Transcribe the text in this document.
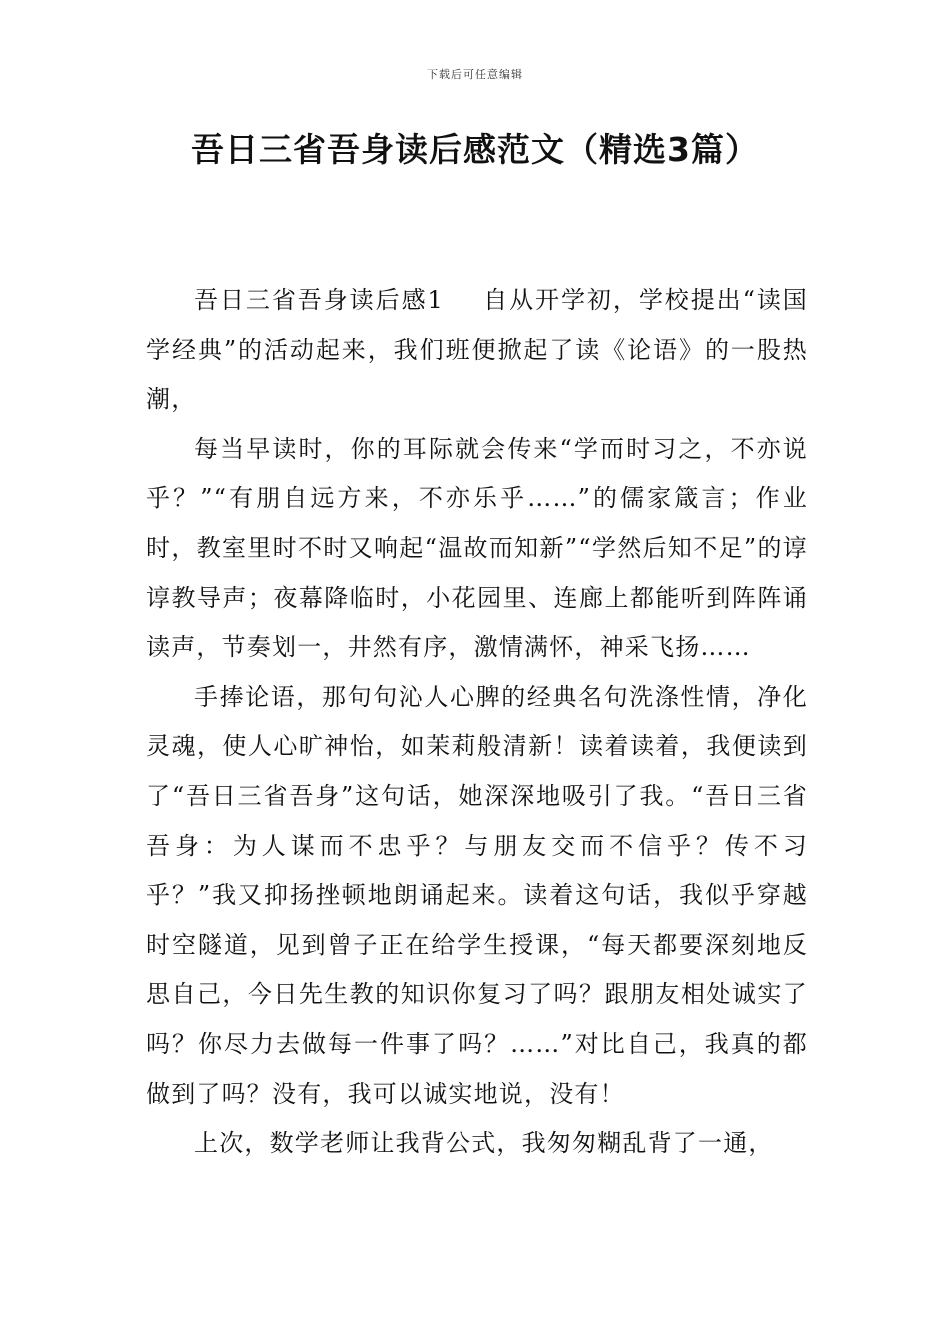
下载后可任意编辑
吾日三省吾身读后感范文（精选3篇）

吾日三省吾身读后感1 自从开学初，学校提出“读国学经典”的活动起来，我们班便掀起了读《论语》的一股热潮，

每当早读时，你的耳际就会传来“学而时习之，不亦说乎？”“有朋自远方来，不亦乐乎……”的儒家箴言；作业时，教室里时不时又响起“温故而知新”“学然后知不足”的谆谆教导声；夜幕降临时，小花园里、连廊上都能听到阵阵诵读声，节奏划一，井然有序，激情满怀，神采飞扬……

手捧论语，那句句沁人心脾的经典名句洗涤性情，净化灵魂，使人心旷神怡，如茉莉般清新！读着读着，我便读到了“吾日三省吾身”这句话，她深深地吸引了我。“吾日三省吾身：为人谋而不忠乎？与朋友交而不信乎？传不习乎？”我又抑扬挫顿地朗诵起来。读着这句话，我似乎穿越时空隧道，见到曾子正在给学生授课，“每天都要深刻地反思自己，今日先生教的知识你复习了吗？跟朋友相处诚实了吗？你尽力去做每一件事了吗？……”对比自己，我真的都做到了吗？没有，我可以诚实地说，没有！

上次，数学老师让我背公式，我匆匆糊乱背了一通，
